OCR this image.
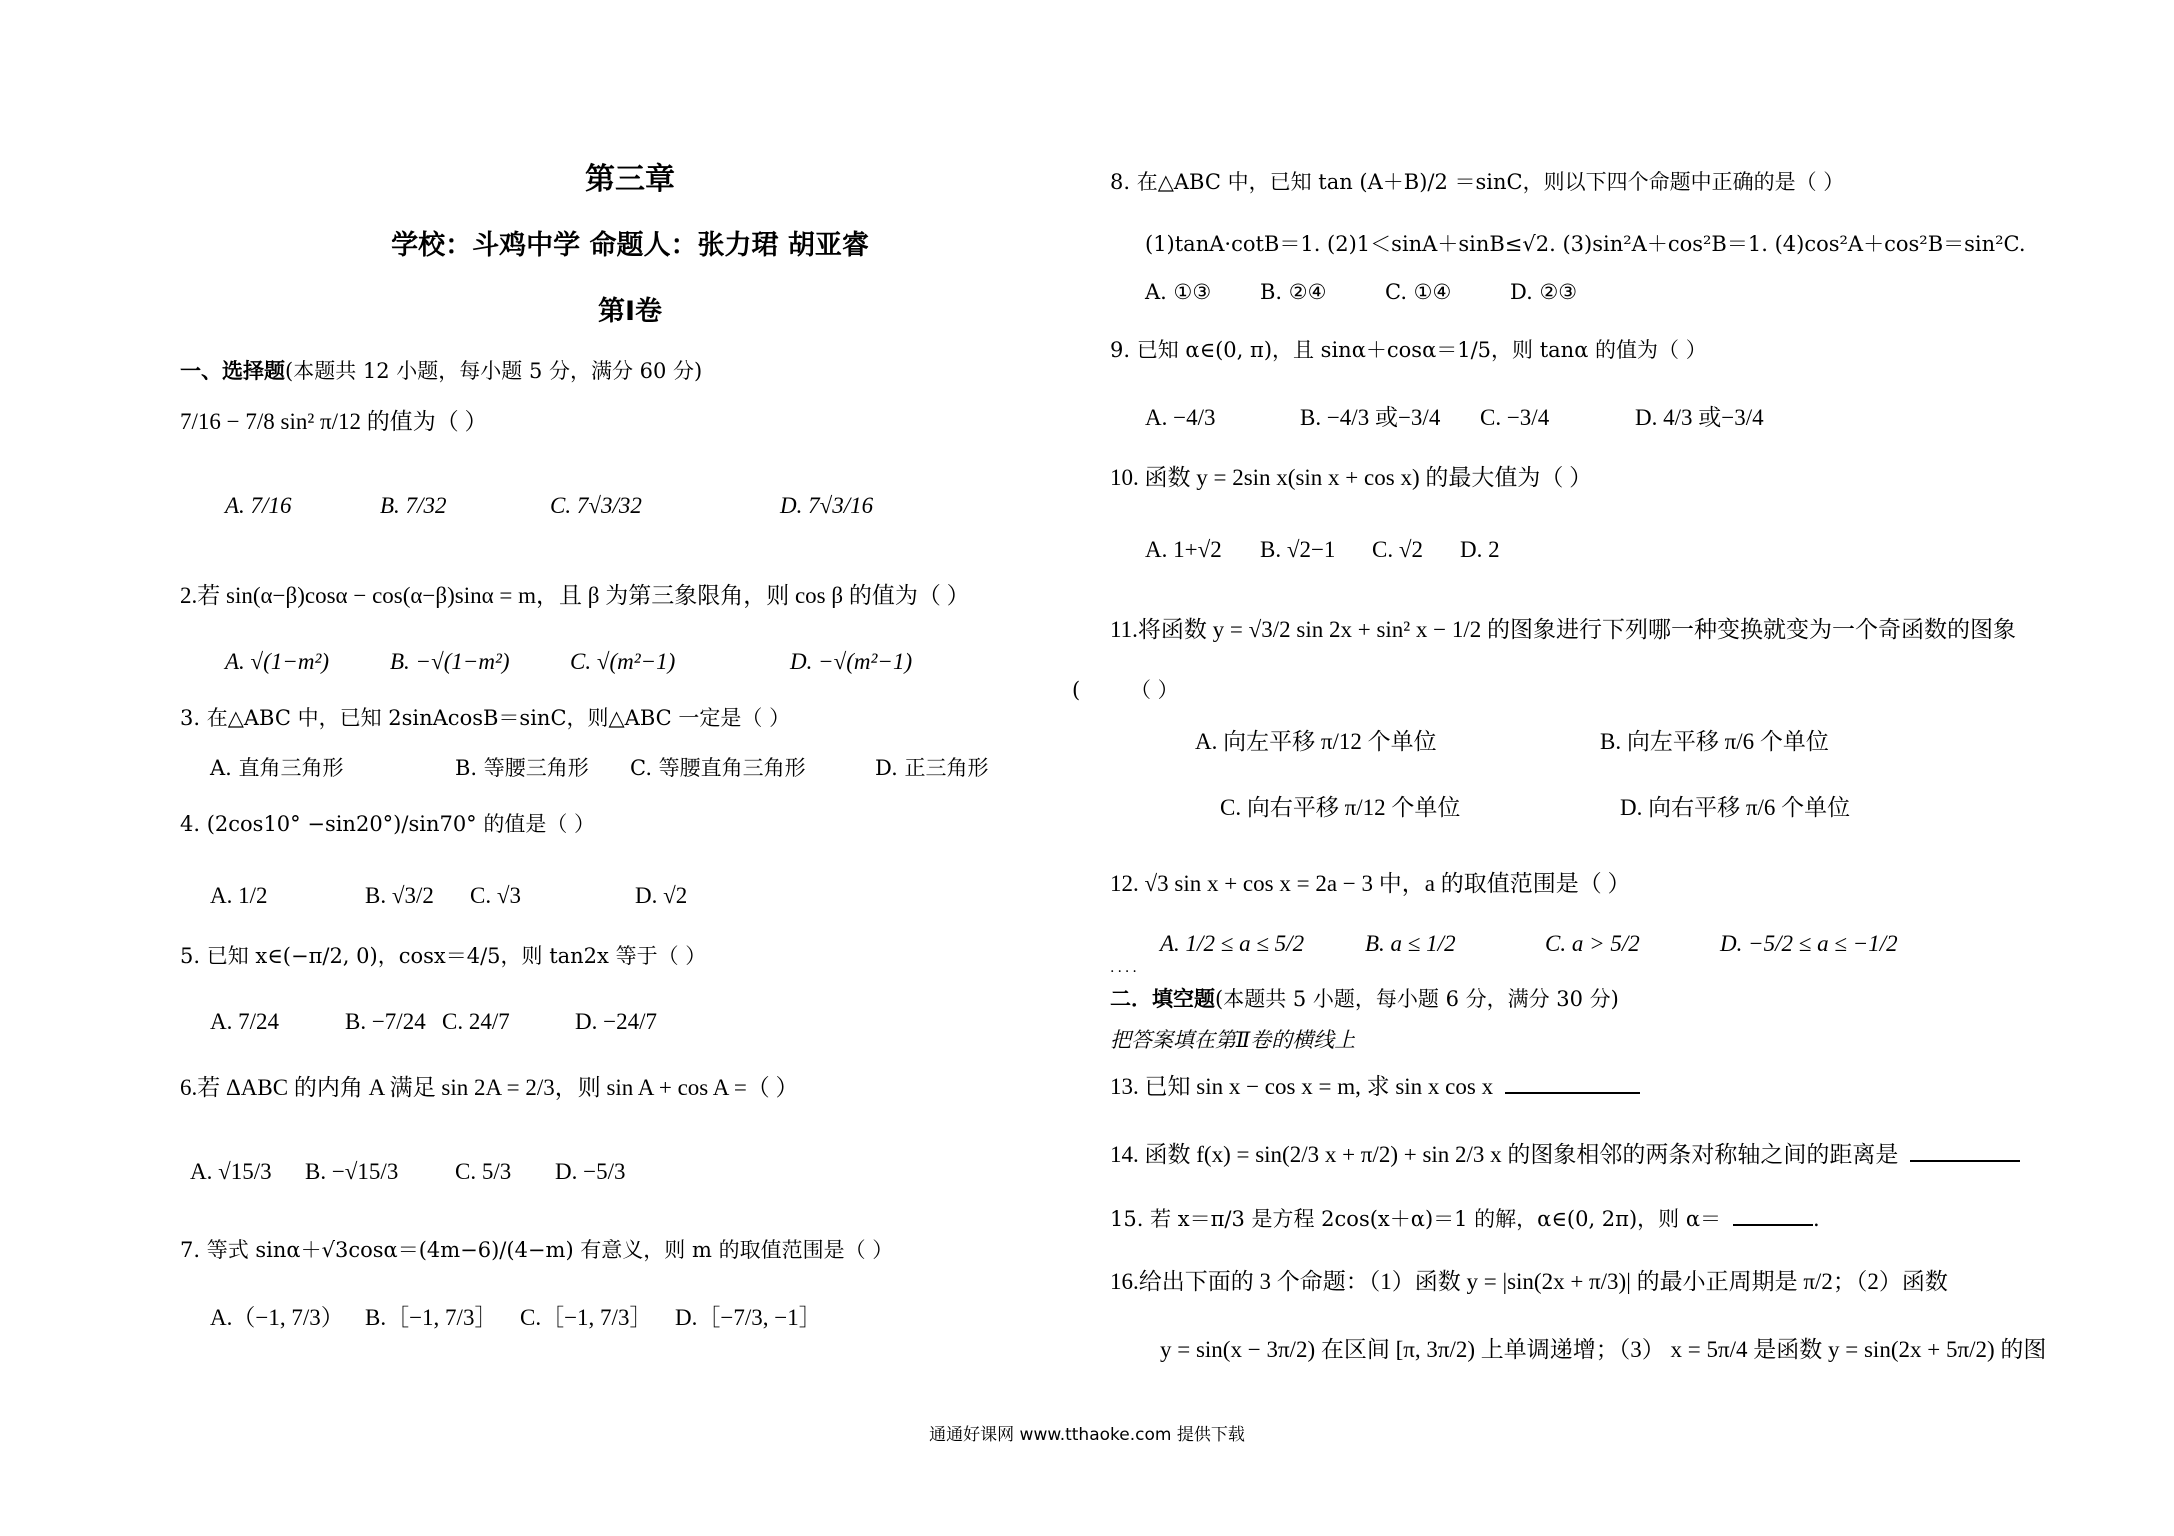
第三章
学校：斗鸡中学 命题人：张力珺 胡亚睿
第Ⅰ卷
一、选择题(本题共 12 小题，每小题 5 分，满分 60 分)
7/16 − 7/8 sin² π/12 的值为（ ）
A. 7/16	B. 7/32	C. 7√3/32	D. 7√3/16
2.若 sin(α−β)cosα − cos(α−β)sinα = m，且 β 为第三象限角，则 cos β 的值为（ ）
A. √(1−m²)	B. −√(1−m²)	C. √(m²−1)	D. −√(m²−1)
3. 在△ABC 中，已知 2sinAcosB＝sinC，则△ABC 一定是（ ）
A. 直角三角形	B. 等腰三角形 C. 等腰直角三角形	D. 正三角形
4. (2cos10° −sin20°)/sin70° 的值是（ ）
A. 1/2	B. √3/2 C. √3	D. √2
5. 已知 x∈(−π/2, 0)，cosx＝4/5，则 tan2x 等于（ ）
A. 7/24	B. −7/24 C. 24/7	D. −24/7
6.若 ΔABC 的内角 A 满足 sin 2A = 2/3，则 sin A + cos A =（ ）
A. √15/3 B. −√15/3 C. 5/3 D. −5/3
7. 等式 sinα＋√3cosα＝(4m−6)/(4−m) 有意义，则 m 的取值范围是（ ）
A.（−1, 7/3） B.［−1, 7/3］ C.［−1, 7/3］ D.［−7/3, −1］
(
8. 在△ABC 中，已知 tan (A＋B)/2 ＝sinC，则以下四个命题中正确的是（ ）
(1)tanA·cotB＝1. (2)1＜sinA＋sinB≤√2. (3)sin²A＋cos²B＝1. (4)cos²A＋cos²B＝sin²C.
A. ①③ B. ②④	C. ①④	D. ②③
9. 已知 α∈(0, π)，且 sinα＋cosα＝1/5，则 tanα 的值为（ ）
A. −4/3	B. −4/3 或−3/4 C. −3/4	D. 4/3 或−3/4
10. 函数 y = 2sin x(sin x + cos x) 的最大值为（ ）
A. 1+√2 B. √2−1 C. √2 D. 2
11.将函数 y = √3/2 sin 2x + sin² x − 1/2 的图象进行下列哪一种变换就变为一个奇函数的图象
（ ）
A. 向左平移 π/12 个单位	B. 向左平移 π/6 个单位
C. 向右平移 π/12 个单位	D. 向右平移 π/6 个单位
12. √3 sin x + cos x = 2a − 3 中，a 的取值范围是（ ）
A. 1/2 ≤ a ≤ 5/2	B. a ≤ 1/2	C. a > 5/2	D. −5/2 ≤ a ≤ −1/2
....
二．填空题(本题共 5 小题，每小题 6 分，满分 30 分)
把答案填在第Ⅱ卷的横线上
13. 已知 sin x − cos x = m, 求 sin x cos x
14. 函数 f(x) = sin(2/3 x + π/2) + sin 2/3 x 的图象相邻的两条对称轴之间的距离是
15. 若 x＝π/3 是方程 2cos(x＋α)＝1 的解，α∈(0, 2π)，则 α＝	.
16.给出下面的 3 个命题：（1）函数 y = |sin(2x + π/3)| 的最小正周期是 π/2；（2）函数
y = sin(x − 3π/2) 在区间 [π, 3π/2) 上单调递增；（3） x = 5π/4 是函数 y = sin(2x + 5π/2) 的图
通通好课网 www.tthaoke.com 提供下载
